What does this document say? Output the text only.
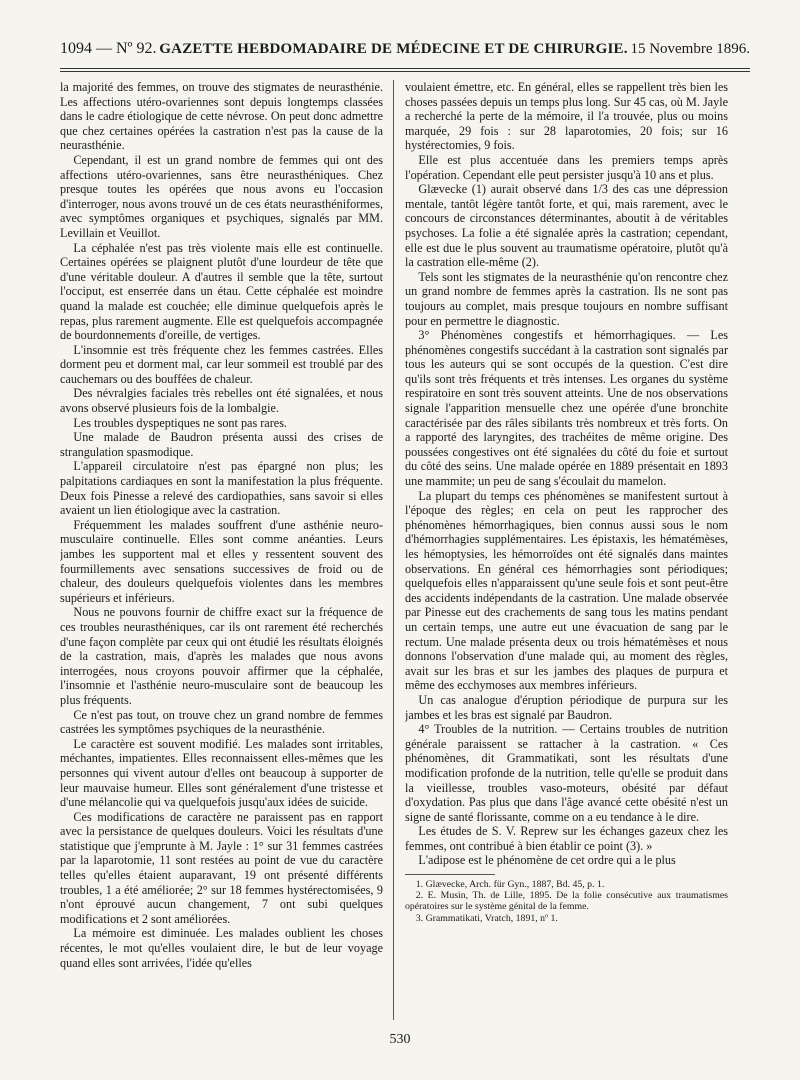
1094 — Nº 92. GAZETTE HEBDOMADAIRE DE MÉDECINE ET DE CHIRURGIE. 15 Novembre 1896.

la majorité des femmes, on trouve des stigmates de neurasthénie. Les affections utéro-ovariennes sont depuis longtemps classées dans le cadre étiologique de cette névrose. On peut donc admettre que chez certaines opérées la castration n'est pas la cause de la neurasthénie.

Cependant, il est un grand nombre de femmes qui ont des affections utéro-ovariennes, sans être neurasthéniques. Chez presque toutes les opérées que nous avons eu l'occasion d'interroger, nous avons trouvé un de ces états neurasthéniformes, avec symptômes organiques et psychiques, signalés par MM. Levillain et Veuillot.

La céphalée n'est pas très violente mais elle est continuelle. Certaines opérées se plaignent plutôt d'une lourdeur de tête que d'une véritable douleur. A d'autres il semble que la tête, surtout l'occiput, est enserrée dans un étau. Cette céphalée est moindre quand la malade est couchée; elle diminue quelquefois après le repas, plus rarement augmente. Elle est quelquefois accompagnée de bourdonnements d'oreille, de vertiges.

L'insomnie est très fréquente chez les femmes castrées. Elles dorment peu et dorment mal, car leur sommeil est troublé par des cauchemars ou des bouffées de chaleur.

Des névralgies faciales très rebelles ont été signalées, et nous avons observé plusieurs fois de la lombalgie.

Les troubles dyspeptiques ne sont pas rares.

Une malade de Baudron présenta aussi des crises de strangulation spasmodique.

L'appareil circulatoire n'est pas épargné non plus; les palpitations cardiaques en sont la manifestation la plus fréquente. Deux fois Pinesse a relevé des cardiopathies, sans savoir si elles avaient un lien étiologique avec la castration.

Fréquemment les malades souffrent d'une asthénie neuro-musculaire continuelle. Elles sont comme anéanties. Leurs jambes les supportent mal et elles y ressentent souvent des fourmillements avec sensations successives de froid ou de chaleur, des douleurs quelquefois violentes dans les membres supérieurs et inférieurs.

Nous ne pouvons fournir de chiffre exact sur la fréquence de ces troubles neurasthéniques, car ils ont rarement été recherchés d'une façon complète par ceux qui ont étudié les résultats éloignés de la castration, mais, d'après les malades que nous avons interrogées, nous croyons pouvoir affirmer que la céphalée, l'insomnie et l'asthénie neuro-musculaire sont de beaucoup les plus fréquents.

Ce n'est pas tout, on trouve chez un grand nombre de femmes castrées les symptômes psychiques de la neurasthénie.

Le caractère est souvent modifié. Les malades sont irritables, méchantes, impatientes. Elles reconnaissent elles-mêmes que les personnes qui vivent autour d'elles ont beaucoup à supporter de leur mauvaise humeur. Elles sont généralement d'une tristesse et d'une mélancolie qui va quelquefois jusqu'aux idées de suicide.

Ces modifications de caractère ne paraissent pas en rapport avec la persistance de quelques douleurs. Voici les résultats d'une statistique que j'emprunte à M. Jayle : 1° sur 31 femmes castrées par la laparotomie, 11 sont restées au point de vue du caractère telles qu'elles étaient auparavant, 19 ont présenté différents troubles, 1 a été améliorée; 2° sur 18 femmes hystérectomisées, 9 n'ont éprouvé aucun changement, 7 ont subi quelques modifications et 2 sont améliorées.

La mémoire est diminuée. Les malades oublient les choses récentes, le mot qu'elles voulaient dire, le but de leur voyage quand elles sont arrivées, l'idée qu'elles

voulaient émettre, etc. En général, elles se rappellent très bien les choses passées depuis un temps plus long. Sur 45 cas, où M. Jayle a recherché la perte de la mémoire, il l'a trouvée, plus ou moins marquée, 29 fois : sur 28 laparotomies, 20 fois; sur 16 hystérectomies, 9 fois.

Elle est plus accentuée dans les premiers temps après l'opération. Cependant elle peut persister jusqu'à 10 ans et plus.

Glævecke (1) aurait observé dans 1/3 des cas une dépression mentale, tantôt légère tantôt forte, et qui, mais rarement, avec le concours de circonstances déterminantes, aboutit à de véritables psychoses. La folie a été signalée après la castration; cependant, elle est due le plus souvent au traumatisme opératoire, plutôt qu'à la castration elle-même (2).

Tels sont les stigmates de la neurasthénie qu'on rencontre chez un grand nombre de femmes après la castration. Ils ne sont pas toujours au complet, mais presque toujours en nombre suffisant pour en permettre le diagnostic.

3° Phénomènes congestifs et hémorrhagiques. — Les phénomènes congestifs succédant à la castration sont signalés par tous les auteurs qui se sont occupés de la question. C'est dire qu'ils sont très fréquents et très intenses. Les organes du système respiratoire en sont très souvent atteints. Une de nos observations signale l'apparition mensuelle chez une opérée d'une bronchite caractérisée par des râles sibilants très nombreux et très forts. On a rapporté des laryngites, des trachéites de même origine. Des poussées congestives ont été signalées du côté du foie et surtout du côté des seins. Une malade opérée en 1889 présentait en 1893 une mammite; un peu de sang s'écoulait du mamelon.

La plupart du temps ces phénomènes se manifestent surtout à l'époque des règles; en cela on peut les rapprocher des phénomènes hémorrhagiques, bien connus aussi sous le nom d'hémorrhagies supplémentaires. Les épistaxis, les hématémèses, les hémoptysies, les hémorroïdes ont été signalés dans maintes observations. En général ces hémorrhagies sont périodiques; quelquefois elles n'apparaissent qu'une seule fois et sont peut-être des accidents indépendants de la castration. Une malade observée par Pinesse eut des crachements de sang tous les matins pendant un certain temps, une autre eut une évacuation de sang par le rectum. Une malade présenta deux ou trois hématémèses et nous donnons l'observation d'une malade qui, au moment des règles, avait sur les bras et sur les jambes des plaques de purpura et même des ecchymoses aux membres inférieurs.

Un cas analogue d'éruption périodique de purpura sur les jambes et les bras est signalé par Baudron.

4° Troubles de la nutrition. — Certains troubles de nutrition générale paraissent se rattacher à la castration. « Ces phénomènes, dit Grammatikati, sont les résultats d'une modification profonde de la nutrition, telle qu'elle se produit dans la vieillesse, troubles vaso-moteurs, obésité par défaut d'oxydation. Pas plus que dans l'âge avancé cette obésité n'est un signe de santé florissante, comme on a eu tendance à le dire.

Les études de S. V. Reprew sur les échanges gazeux chez les femmes, ont contribué à bien établir ce point (3). »

L'adipose est le phénomène de cet ordre qui a le plus

1. Glævecke, Arch. für Gyn., 1887, Bd. 45, p. 1.

2. E. Musin, Th. de Lille, 1895. De la folie consécutive aux traumatismes opératoires sur le système génital de la femme.

3. Grammatikati, Vratch, 1891, nº 1.

530
